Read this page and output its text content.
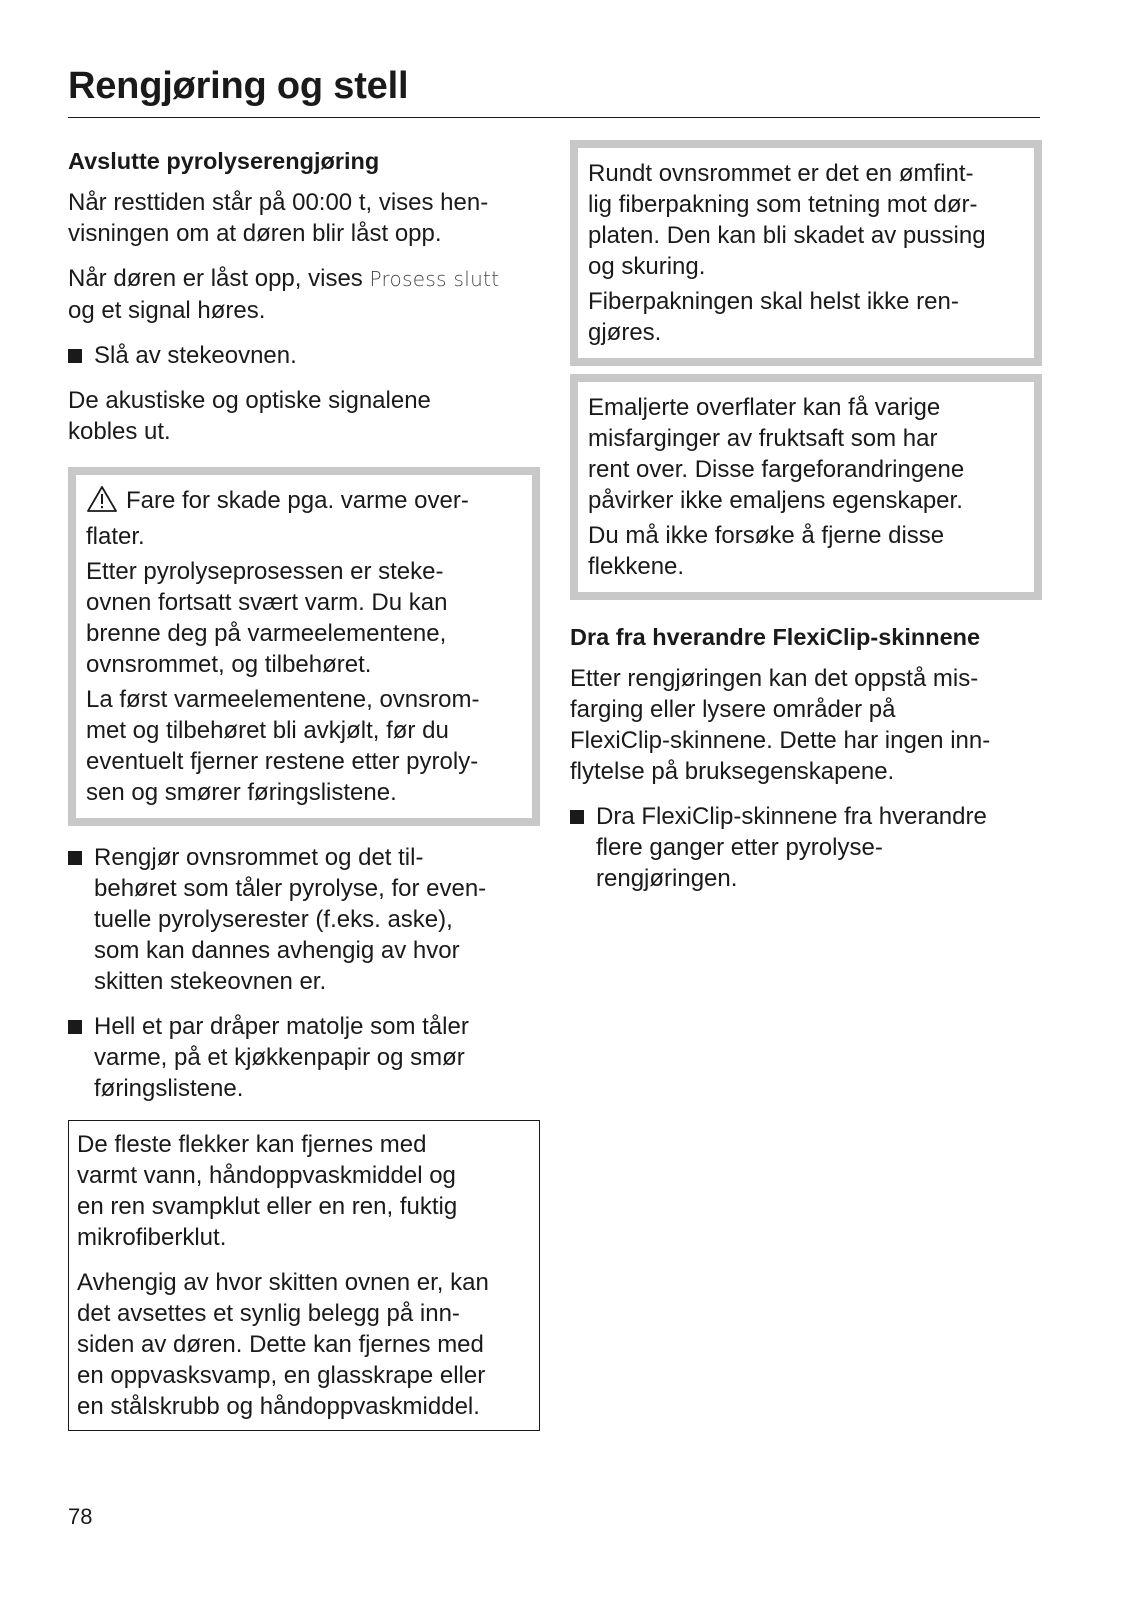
Rengjøring og stell
Avslutte pyrolyserengjøring

Når resttiden står på 00:00 t, vises hen-
visningen om at døren blir låst opp.

Når døren er låst opp, vises Prosess slutt
og et signal høres.

Slå av stekeovnen.

De akustiske og optiske signalene kobles ut.

Fare for skade pga. varme over-
flater.

Etter pyrolyseprosessen er steke-
ovnen fortsatt svært varm. Du kan
brenne deg på varmeelementene,
ovnsrommet, og tilbehøret.

La først varmeelementene, ovnsrom-
met og tilbehøret bli avkjølt, før du
eventuelt fjerner restene etter pyroly-
sen og smører føringslistene.

Rengjør ovnsrommet og det til-
behøret som tåler pyrolyse, for even-
tuelle pyrolyserester (f.eks. aske),
som kan dannes avhengig av hvor
skitten stekeovnen er.
Hell et par dråper matolje som tåler
varme, på et kjøkkenpapir og smør
føringslistene.

De fleste flekker kan fjernes med
varmt vann, håndoppvaskmiddel og
en ren svampklut eller en ren, fuktig
mikrofiberklut.

Avhengig av hvor skitten ovnen er, kan
det avsettes et synlig belegg på inn-
siden av døren. Dette kan fjernes med
en oppvasksvamp, en glasskrape eller
en stålskrubb og håndoppvaskmiddel.

Rundt ovnsrommet er det en ømfint-
lig fiberpakning som tetning mot dør-
platen. Den kan bli skadet av pussing
og skuring.

Fiberpakningen skal helst ikke ren-
gjøres.

Emaljerte overflater kan få varige
misfarginger av fruktsaft som har
rent over. Disse fargeforandringene
påvirker ikke emaljens egenskaper.

Du må ikke forsøke å fjerne disse
flekkene.

Dra fra hverandre FlexiClip-skinnene

Etter rengjøringen kan det oppstå mis-
farging eller lysere områder på
FlexiClip-skinnene. Dette har ingen inn-
flytelse på bruksegenskapene.

Dra FlexiClip-skinnene fra hverandre
flere ganger etter pyrolyse-
rengjøringen.
78
